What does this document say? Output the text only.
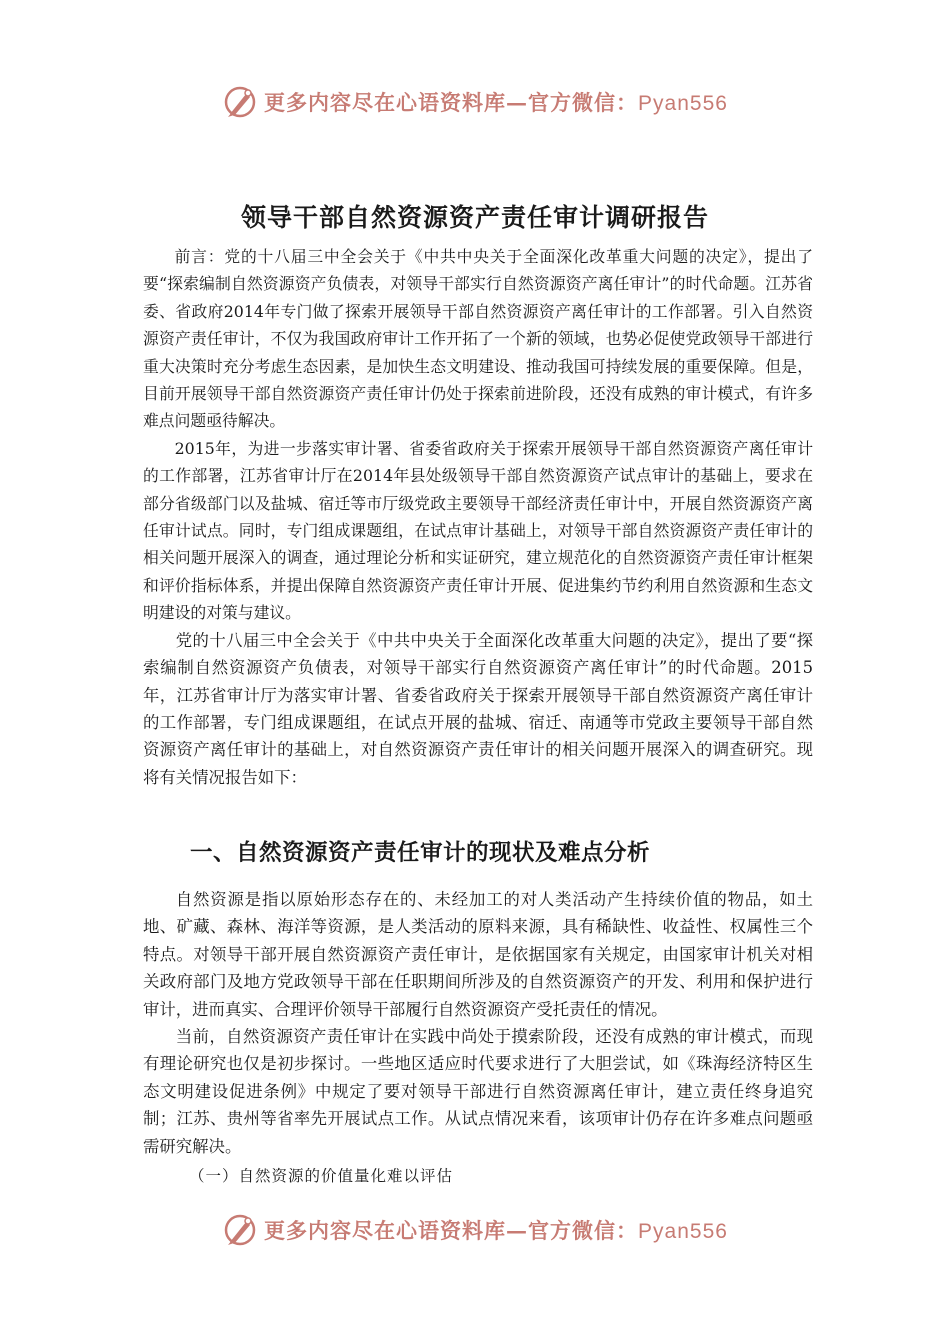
更多内容尽在心语资料库—官方微信：Pyan556
领导干部自然资源资产责任审计调研报告

前言：党的十八届三中全会关于《中共中央关于全面深化改革重大问题的决定》，提出了要“探索编制自然资源资产负债表，对领导干部实行自然资源资产离任审计”的时代命题。江苏省委、省政府2014年专门做了探索开展领导干部自然资源资产离任审计的工作部署。引入自然资源资产责任审计，不仅为我国政府审计工作开拓了一个新的领域，也势必促使党政领导干部进行重大决策时充分考虑生态因素，是加快生态文明建设、推动我国可持续发展的重要保障。但是，目前开展领导干部自然资源资产责任审计仍处于探索前进阶段，还没有成熟的审计模式，有许多难点问题亟待解决。

2015年，为进一步落实审计署、省委省政府关于探索开展领导干部自然资源资产离任审计的工作部署，江苏省审计厅在2014年县处级领导干部自然资源资产试点审计的基础上，要求在部分省级部门以及盐城、宿迁等市厅级党政主要领导干部经济责任审计中，开展自然资源资产离任审计试点。同时，专门组成课题组，在试点审计基础上，对领导干部自然资源资产责任审计的相关问题开展深入的调查，通过理论分析和实证研究，建立规范化的自然资源资产责任审计框架和评价指标体系，并提出保障自然资源资产责任审计开展、促进集约节约利用自然资源和生态文明建设的对策与建议。

党的十八届三中全会关于《中共中央关于全面深化改革重大问题的决定》，提出了要“探索编制自然资源资产负债表，对领导干部实行自然资源资产离任审计”的时代命题。2015年，江苏省审计厅为落实审计署、省委省政府关于探索开展领导干部自然资源资产离任审计的工作部署，专门组成课题组，在试点开展的盐城、宿迁、南通等市党政主要领导干部自然资源资产离任审计的基础上，对自然资源资产责任审计的相关问题开展深入的调查研究。现将有关情况报告如下：

一、自然资源资产责任审计的现状及难点分析

自然资源是指以原始形态存在的、未经加工的对人类活动产生持续价值的物品，如土地、矿藏、森林、海洋等资源，是人类活动的原料来源，具有稀缺性、收益性、权属性三个特点。对领导干部开展自然资源资产责任审计，是依据国家有关规定，由国家审计机关对相关政府部门及地方党政领导干部在任职期间所涉及的自然资源资产的开发、利用和保护进行审计，进而真实、合理评价领导干部履行自然资源资产受托责任的情况。

当前，自然资源资产责任审计在实践中尚处于摸索阶段，还没有成熟的审计模式，而现有理论研究也仅是初步探讨。一些地区适应时代要求进行了大胆尝试，如《珠海经济特区生态文明建设促进条例》中规定了要对领导干部进行自然资源离任审计，建立责任终身追究制；江苏、贵州等省率先开展试点工作。从试点情况来看，该项审计仍存在许多难点问题亟需研究解决。

（一）自然资源的价值量化难以评估
更多内容尽在心语资料库—官方微信：Pyan556
